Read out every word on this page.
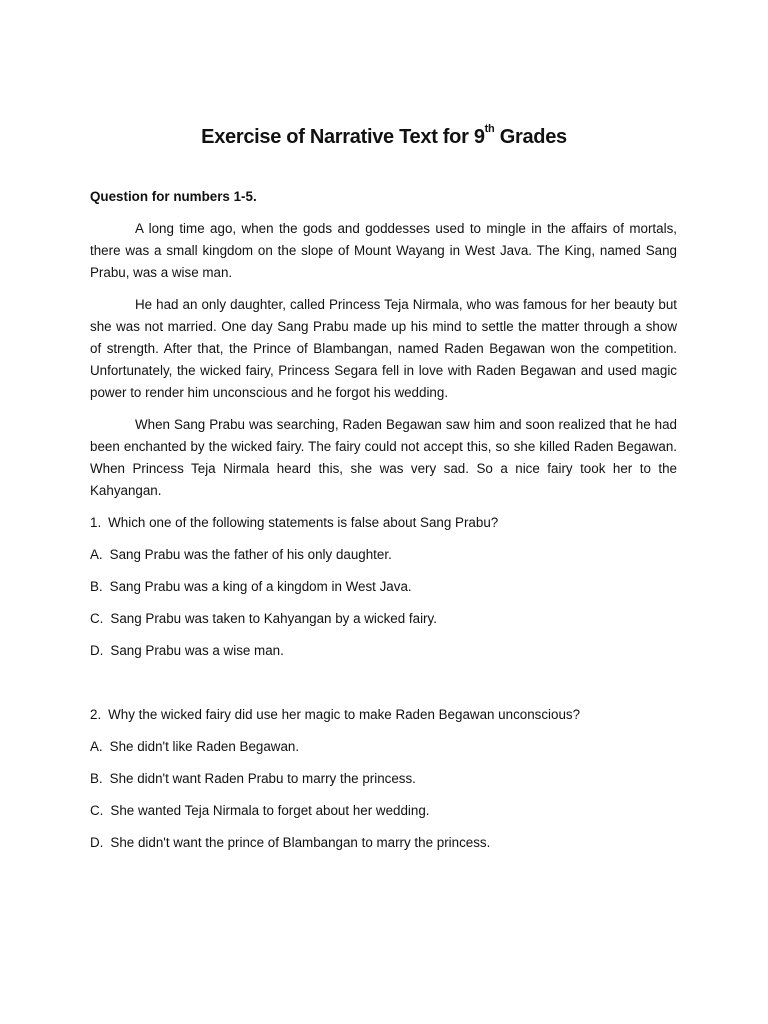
Exercise of Narrative Text for 9th Grades

Question for numbers 1-5.

A long time ago, when the gods and goddesses used to mingle in the affairs of mortals, there was a small kingdom on the slope of Mount Wayang in West Java. The King, named Sang Prabu, was a wise man.

He had an only daughter, called Princess Teja Nirmala, who was famous for her beauty but she was not married. One day Sang Prabu made up his mind to settle the matter through a show of strength. After that, the Prince of Blambangan, named Raden Begawan won the competition. Unfortunately, the wicked fairy, Princess Segara fell in love with Raden Begawan and used magic power to render him unconscious and he forgot his wedding.

When Sang Prabu was searching, Raden Begawan saw him and soon realized that he had been enchanted by the wicked fairy. The fairy could not accept this, so she killed Raden Begawan. When Princess Teja Nirmala heard this, she was very sad. So a nice fairy took her to the Kahyangan.

1. Which one of the following statements is false about Sang Prabu?

A. Sang Prabu was the father of his only daughter.

B. Sang Prabu was a king of a kingdom in West Java.

C. Sang Prabu was taken to Kahyangan by a wicked fairy.

D. Sang Prabu was a wise man.

2. Why the wicked fairy did use her magic to make Raden Begawan unconscious?

A. She didn't like Raden Begawan.

B. She didn't want Raden Prabu to marry the princess.

C. She wanted Teja Nirmala to forget about her wedding.

D. She didn't want the prince of Blambangan to marry the princess.
